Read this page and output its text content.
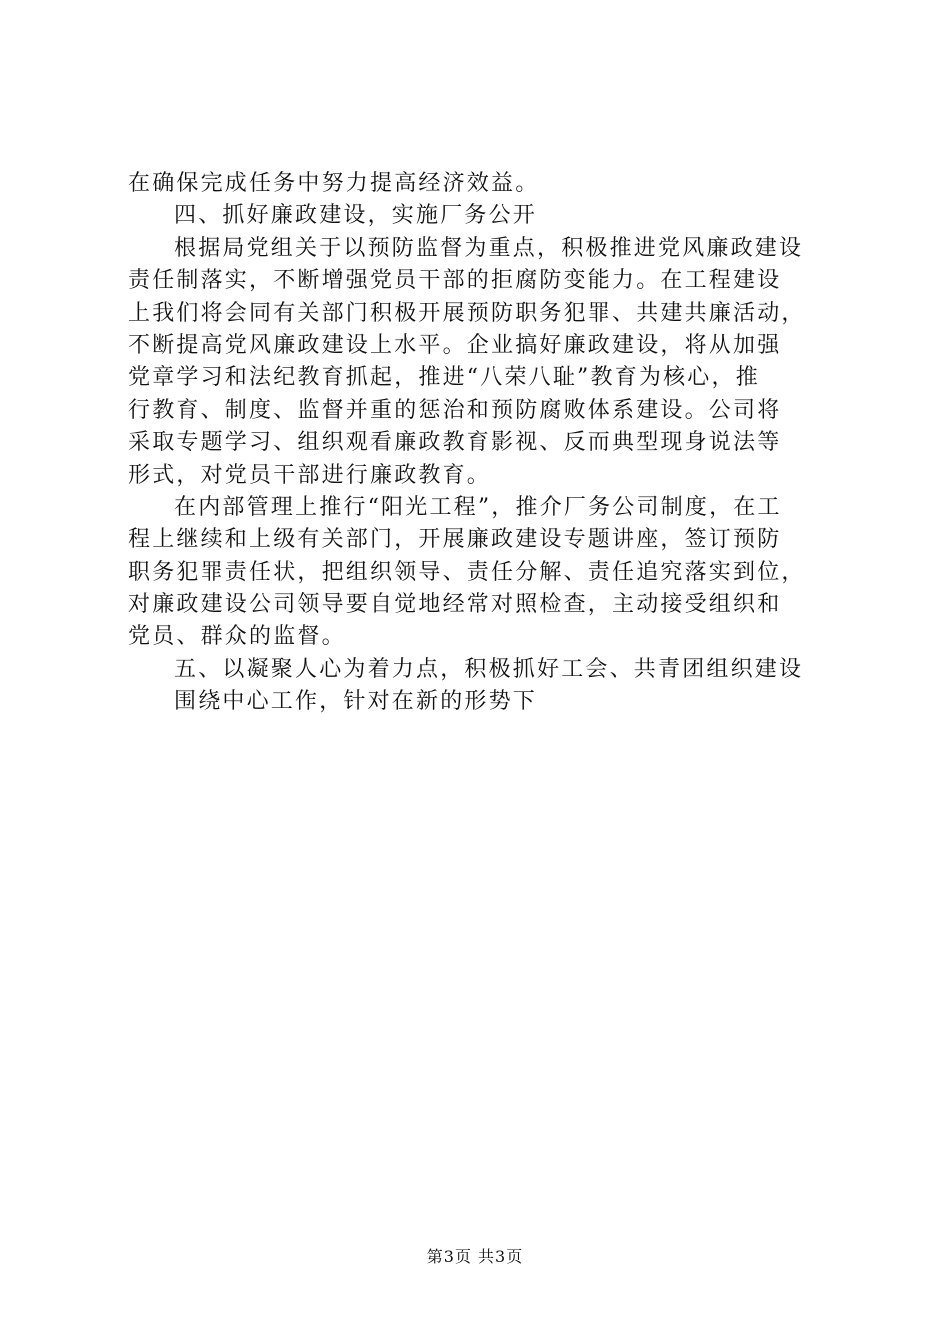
在确保完成任务中努力提高经济效益。
四、抓好廉政建设，实施厂务公开
根据局党组关于以预防监督为重点，积极推进党风廉政建设
责任制落实，不断增强党员干部的拒腐防变能力。在工程建设
上我们将会同有关部门积极开展预防职务犯罪、共建共廉活动，
不断提高党风廉政建设上水平。企业搞好廉政建设，将从加强
党章学习和法纪教育抓起，推进“八荣八耻”教育为核心，推
行教育、制度、监督并重的惩治和预防腐败体系建设。公司将
采取专题学习、组织观看廉政教育影视、反而典型现身说法等
形式，对党员干部进行廉政教育。
在内部管理上推行“阳光工程”，推介厂务公司制度，在工
程上继续和上级有关部门，开展廉政建设专题讲座，签订预防
职务犯罪责任状，把组织领导、责任分解、责任追究落实到位，
对廉政建设公司领导要自觉地经常对照检查，主动接受组织和
党员、群众的监督。
五、以凝聚人心为着力点，积极抓好工会、共青团组织建设
围绕中心工作，针对在新的形势下
第3页 共3页
